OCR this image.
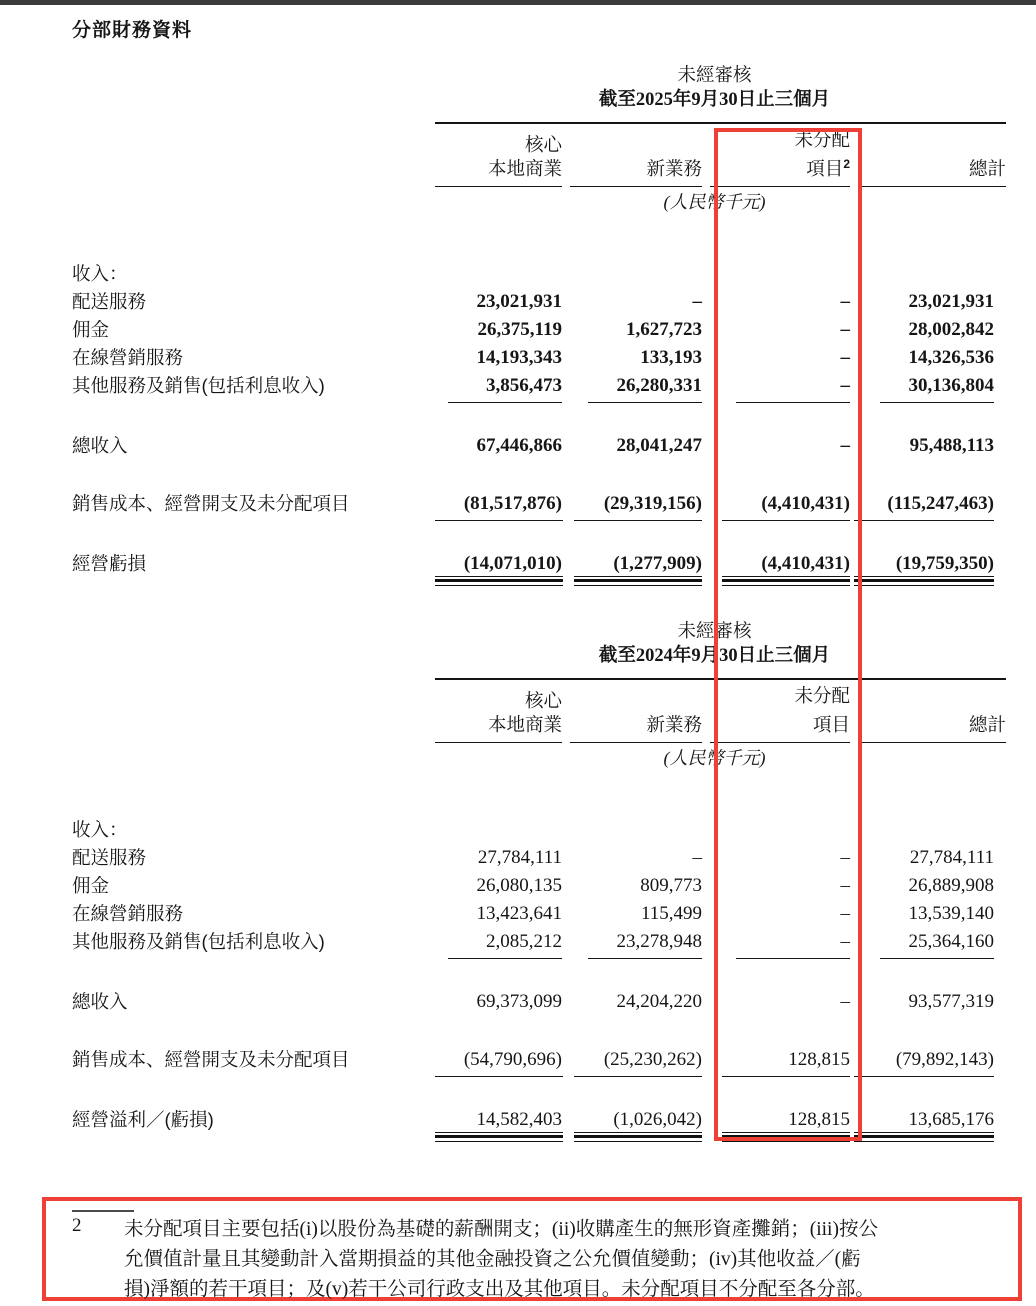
分部財務資料
	未經審核			
	截至2025年9月30日止三個月			

	核心
本地商業	新業務	未分配
項目$^2$	總計

	(人民幣千元)			

收入：				
配送服務	23,021,931	–	–	23,021,931
佣金	26,375,119	1,627,723	–	28,002,842
在線營銷服務	14,193,343	133,193	–	14,326,536
其他服務及銷售(包括利息收入)	3,856,473	26,280,331	–	30,136,804

總收入	67,446,866	28,041,247	–	95,488,113
銷售成本、經營開支及未分配項目	(81,517,876)	(29,319,156)	(4,410,431)	(115,247,463)

經營虧損	(14,071,010)	(1,277,909)	(4,410,431)	(19,759,350)

	未經審核			
	截至2024年9月30日止三個月			

	核心
本地商業	新業務	未分配
項目	總計

	(人民幣千元)			

收入：				
配送服務	27,784,111	–	–	27,784,111
佣金	26,080,135	809,773	–	26,889,908
在線營銷服務	13,423,641	115,499	–	13,539,140
其他服務及銷售(包括利息收入)	2,085,212	23,278,948	–	25,364,160

總收入	69,373,099	24,204,220	–	93,577,319
銷售成本、經營開支及未分配項目	(54,790,696)	(25,230,262)	128,815	(79,892,143)

經營溢利／(虧損)	14,582,403	(1,026,042)	128,815	13,685,176

2	未分配項目主要包括(i)以股份為基礎的薪酬開支；(ii)收購產生的無形資產攤銷；(iii)按公
允價值計量且其變動計入當期損益的其他金融投資之公允價值變動；(iv)其他收益／(虧
損)淨額的若干項目；及(v)若干公司行政支出及其他項目。未分配項目不分配至各分部。
